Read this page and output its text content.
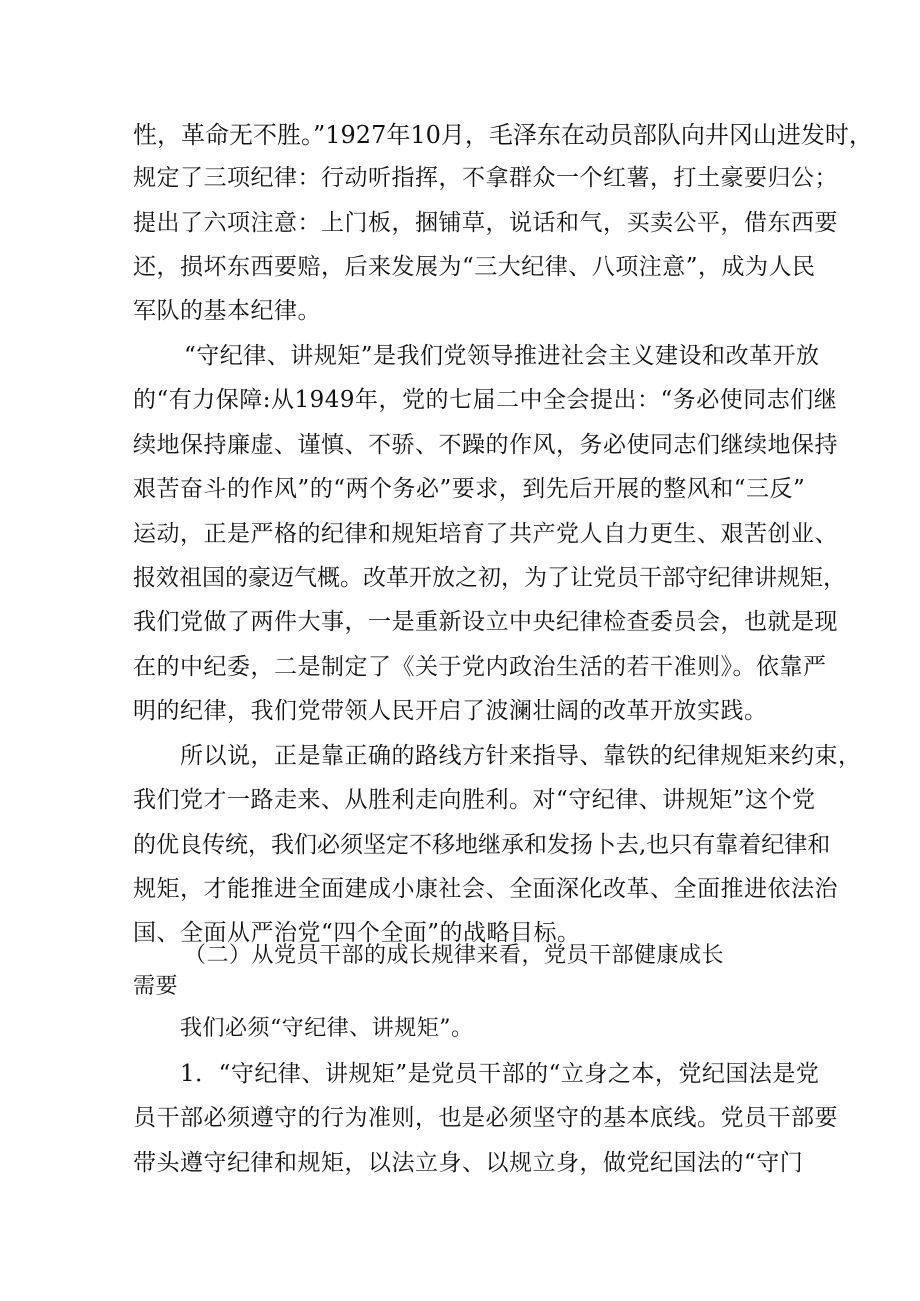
性，革命无不胜。”1927年10月，毛泽东在动员部队向井冈山进发时，
规定了三项纪律：行动听指挥，不拿群众一个红薯，打土豪要归公；
提出了六项注意：上门板，捆铺草，说话和气，买卖公平，借东西要
还，损坏东西要赔，后来发展为“三大纪律、八项注意”，成为人民
军队的基本纪律。
“守纪律、讲规矩”是我们党领导推进社会主义建设和改革开放
的“有力保障:从1949年，党的七届二中全会提出：“务必使同志们继
续地保持廉虚、谨慎、不骄、不躁的作风，务必使同志们继续地保持
艰苦奋斗的作风”的“两个务必”要求，到先后开展的整风和“三反”
运动，正是严格的纪律和规矩培育了共产党人自力更生、艰苦创业、
报效祖国的豪迈气概。改革开放之初，为了让党员干部守纪律讲规矩，
我们党做了两件大事，一是重新设立中央纪律检查委员会，也就是现
在的中纪委，二是制定了《关于党内政治生活的若干准则》。依靠严
明的纪律，我们党带领人民开启了波澜壮阔的改革开放实践。
所以说，正是靠正确的路线方针来指导、靠铁的纪律规矩来约束，
我们党才一路走来、从胜利走向胜利。对“守纪律、讲规矩”这个党
的优良传统，我们必须坚定不移地继承和发扬卜去,也只有靠着纪律和
规矩，才能推进全面建成小康社会、全面深化改革、全面推进依法治
国、全面从严治党“四个全面”的战略目标。
（二）从党员干部的成长规律来看，党员干部健康成长
需要
我们必须“守纪律、讲规矩”。
1．“守纪律、讲规矩”是党员干部的“立身之本，党纪国法是党
员干部必须遵守的行为准则，也是必须坚守的基本底线。党员干部要
带头遵守纪律和规矩，以法立身、以规立身，做党纪国法的“守门
